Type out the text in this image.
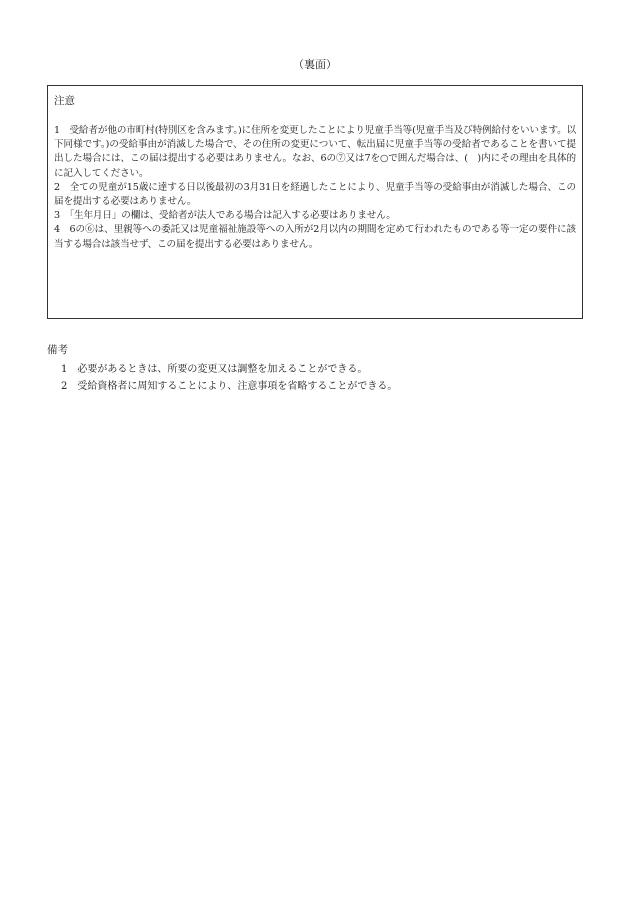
（裏面）
注意
1　受給者が他の市町村(特別区を含みます。)に住所を変更したことにより児童手当等(児童手当及び特例給付をいいます。以下同様です。)の受給事由が消滅した場合で、その住所の変更について、転出届に児童手当等の受給者であることを書いて提出した場合には、この届は提出する必要はありません。なお、6の⑦又は7を○で囲んだ場合は、(　)内にその理由を具体的に記入してください。
2　全ての児童が15歳に達する日以後最初の3月31日を経過したことにより、児童手当等の受給事由が消滅した場合、この届を提出する必要はありません。
3　「生年月日」の欄は、受給者が法人である場合は記入する必要はありません。
4　6の⑥は、里親等への委託又は児童福祉施設等への入所が2月以内の期間を定めて行われたものである等一定の要件に該当する場合は該当せず、この届を提出する必要はありません。
備考
1　必要があるときは、所要の変更又は調整を加えることができる。
2　受給資格者に周知することにより、注意事項を省略することができる。
